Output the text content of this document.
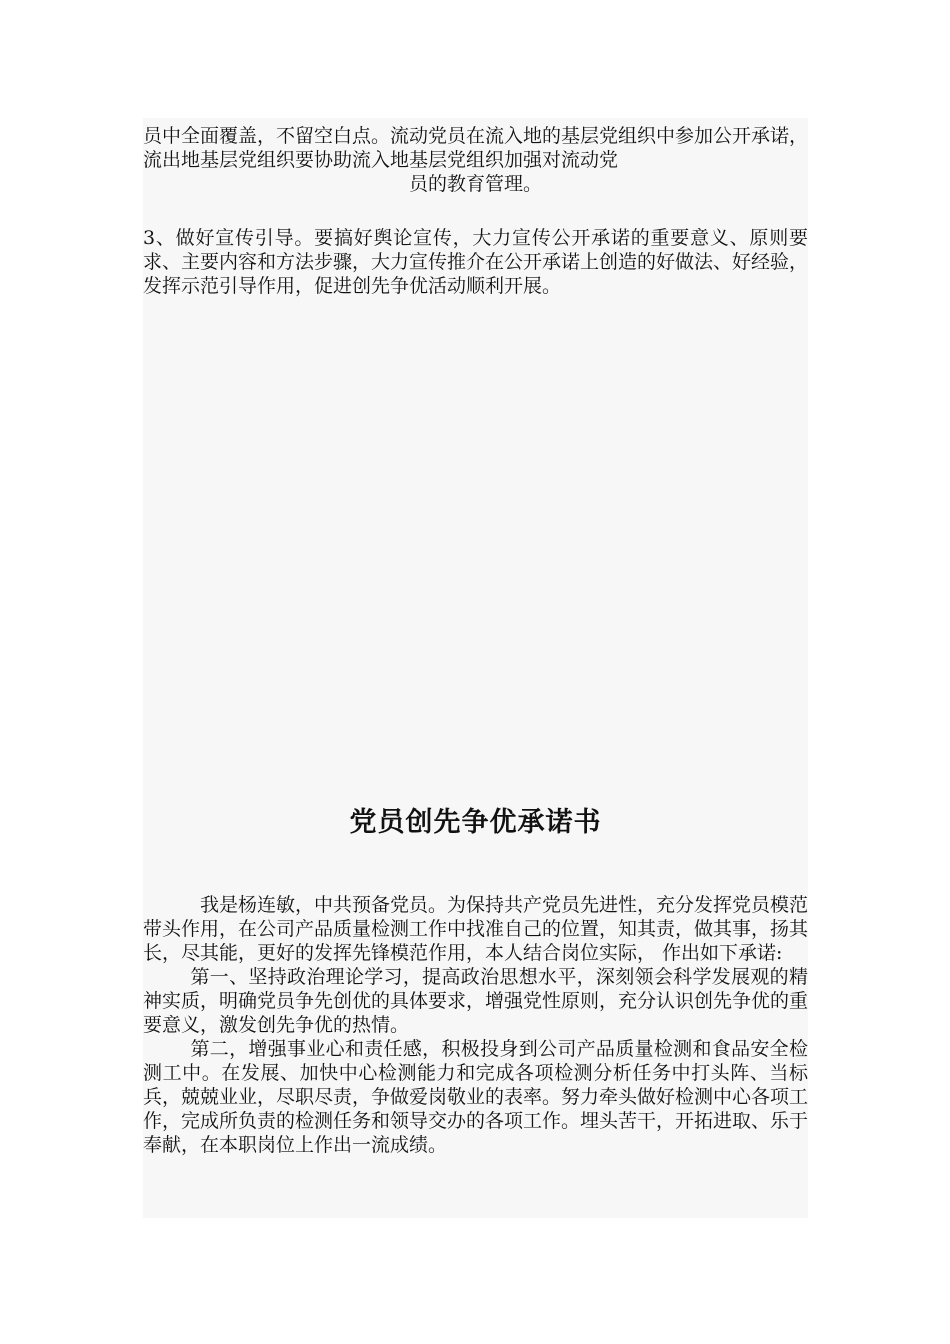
员中全面覆盖，不留空白点。流动党员在流入地的基层党组织中参加公开承诺，流出地基层党组织要协助流入地基层党组织加强对流动党
员的教育管理。
3、做好宣传引导。要搞好舆论宣传，大力宣传公开承诺的重要意义、原则要求、主要内容和方法步骤，大力宣传推介在公开承诺上创造的好做法、好经验，发挥示范引导作用，促进创先争优活动顺利开展。
党员创先争优承诺书

我是杨连敏，中共预备党员。为保持共产党员先进性，充分发挥党员模范带头作用，在公司产品质量检测工作中找准自己的位置，知其责，做其事，扬其长，尽其能，更好的发挥先锋模范作用，本人结合岗位实际， 作出如下承诺:

第一、坚持政治理论学习，提高政治思想水平，深刻领会科学发展观的精神实质，明确党员争先创优的具体要求，增强党性原则，充分认识创先争优的重要意义，激发创先争优的热情。

第二，增强事业心和责任感，积极投身到公司产品质量检测和食品安全检测工中。在发展、加快中心检测能力和完成各项检测分析任务中打头阵、当标兵，兢兢业业，尽职尽责，争做爱岗敬业的表率。努力牵头做好检测中心各项工作，完成所负责的检测任务和领导交办的各项工作。埋头苦干，开拓进取、乐于奉献，在本职岗位上作出一流成绩。
